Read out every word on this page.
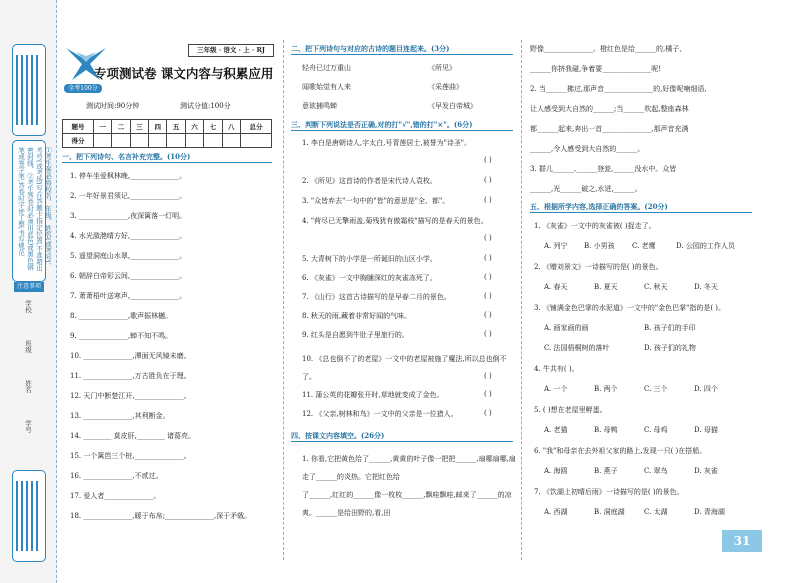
①考生务必将校名、年级、姓名(或考号)、考号(或考场)写在答题卡指定位置,不准超出密封线、②考生答卷时必须用蓝色或黑色钢笔或签字笔,答卷时字迹工整,书写规范
注意事项
学校
班级
姓名
学号
三年级 · 语文 · 上 · RJ
专项测试卷 课文内容与积累应用
全考100分
测试时间:90分钟	测试分值:100分
题号	一	二	三	四	五	六	七	八	总分
得分									
一、把下列诗句、名言补充完整。(10分)
1. 停车坐爱枫林晚,______________。
2. 一年好景君须记,______________。
3. ______________,夜深篱落一灯明。
4. 水光潋滟晴方好,______________。
5. 遥望洞庭山水翠,______________。
6. 朝辞白帝彩云间,______________。
7. 萧萧梧叶送寒声,______________。
8. ______________,歌声振林樾。
9. ______________,蝉不知不鸣。
10. ______________,潭面无风镜未磨。
11. ______________,万古胜负在于理。
12. 天门中断楚江开,______________。
13. ______________,其利断金。
14. ________ 莫皮肝,________ 诸葛亮。
15. 一个篱笆三个桩,______________。
16. ______________,不贰过。
17. 爱人者______________。
18. ______________,暖于布帛;______________,深于矛戟。
二、把下列诗句与对应的古诗的题目连起来。(3分)
轻舟已过万重山
闻歌始觉有人来
意欲捕鸣蝉
《所见》
《采莲曲》
《早发白帝城》
三、判断下列说法是否正确,对的打"√",错的打"×"。(6分)
1. 李白是唐朝诗人,字太白,号青莲居士,被誉为"诗圣"。
( )
2. 《所见》这首诗的作者是宋代诗人袁枚。	( )
3. "众皆弃去"一句中的"皆"的意思是"全、都"。	( )
4. "荷尽已无擎雨盖,菊残犹有傲霜枝"描写的是春天的景色。
( )
5. 大青树下的小学是一所诞旧的山区小学。	( )
6. 《灰雀》一文中胸脯深红的灰雀冻死了。	( )
7. 《山行》这首古诗描写的是早春二月的景色。	( )
8. 秋天的雨,藏着非常好闻的气味。	( )
9. 红头是自愿到牛肚子里旅行的。	( )
10. 《总也倒不了的老屋》一文中的老屋被施了魔法,所以总也倒不了。	( )
11. 蒲公英的花瓣张开时,草地就变成了金色。	( )
12. 《父亲,树林和鸟》一文中的父亲是一位猎人。	( )
四、按课文内容填空。(26分)
1. 你看,它把黄色给了______,黄黄的叶子像一把把______,扇哪扇哪,扇走了______的炎热。它把红色给
了______,红红的______像一枚枚______,飘哇飘哇,邮来了______的凉爽。______是给田野的,看,田
野像______________。橙红色是给______的,橘子、
______你挤我碰,争着要______________呢!
2. 当______拂过,那声音______________的,好像呢喃细语,
让人感受到大自然的______;当______吹起,整座森林
都______起来,奔出一首______________,那声音充满
______,令人感受到大自然的______。
3. 群儿______,______登瓮,______没水中。众皆
______,光______破之,水迸,______。
五、根据所学内容,选择正确的答案。(20分)
1. 《灰雀》一文中的灰雀被( )捉走了。
A. 列宁 B. 小男孩 C. 老鹰	D. 公园的工作人员
2. 《赠刘景文》一诗描写的是( )的景色。
A. 春天	B. 夏天	C. 秋天	D. 冬天
3. 《铺满金色巴掌的水泥道》一文中的"金色巴掌"指的是( )。
A. 画家画的画	B. 孩子们的手印
C. 法国梧桐树的落叶	D. 孩子们的礼物
4. 牛共有( )。
A. 一个	B. 两个	C. 三个	D. 四个
5. ( )想在老屋里孵蛋。
A. 老猫	B. 母鸭	C. 母鸡	D. 母猫
6. "我"和母亲在去外祖父家的路上,发现一只( )在搭船。
A. 海鸥	B. 燕子	C. 翠鸟	D. 灰雀
7. 《饮湖上初晴后雨》一诗描写的是( )的景色。
A. 西湖	B. 洞庭湖	C. 太湖	D. 青海湖
31
